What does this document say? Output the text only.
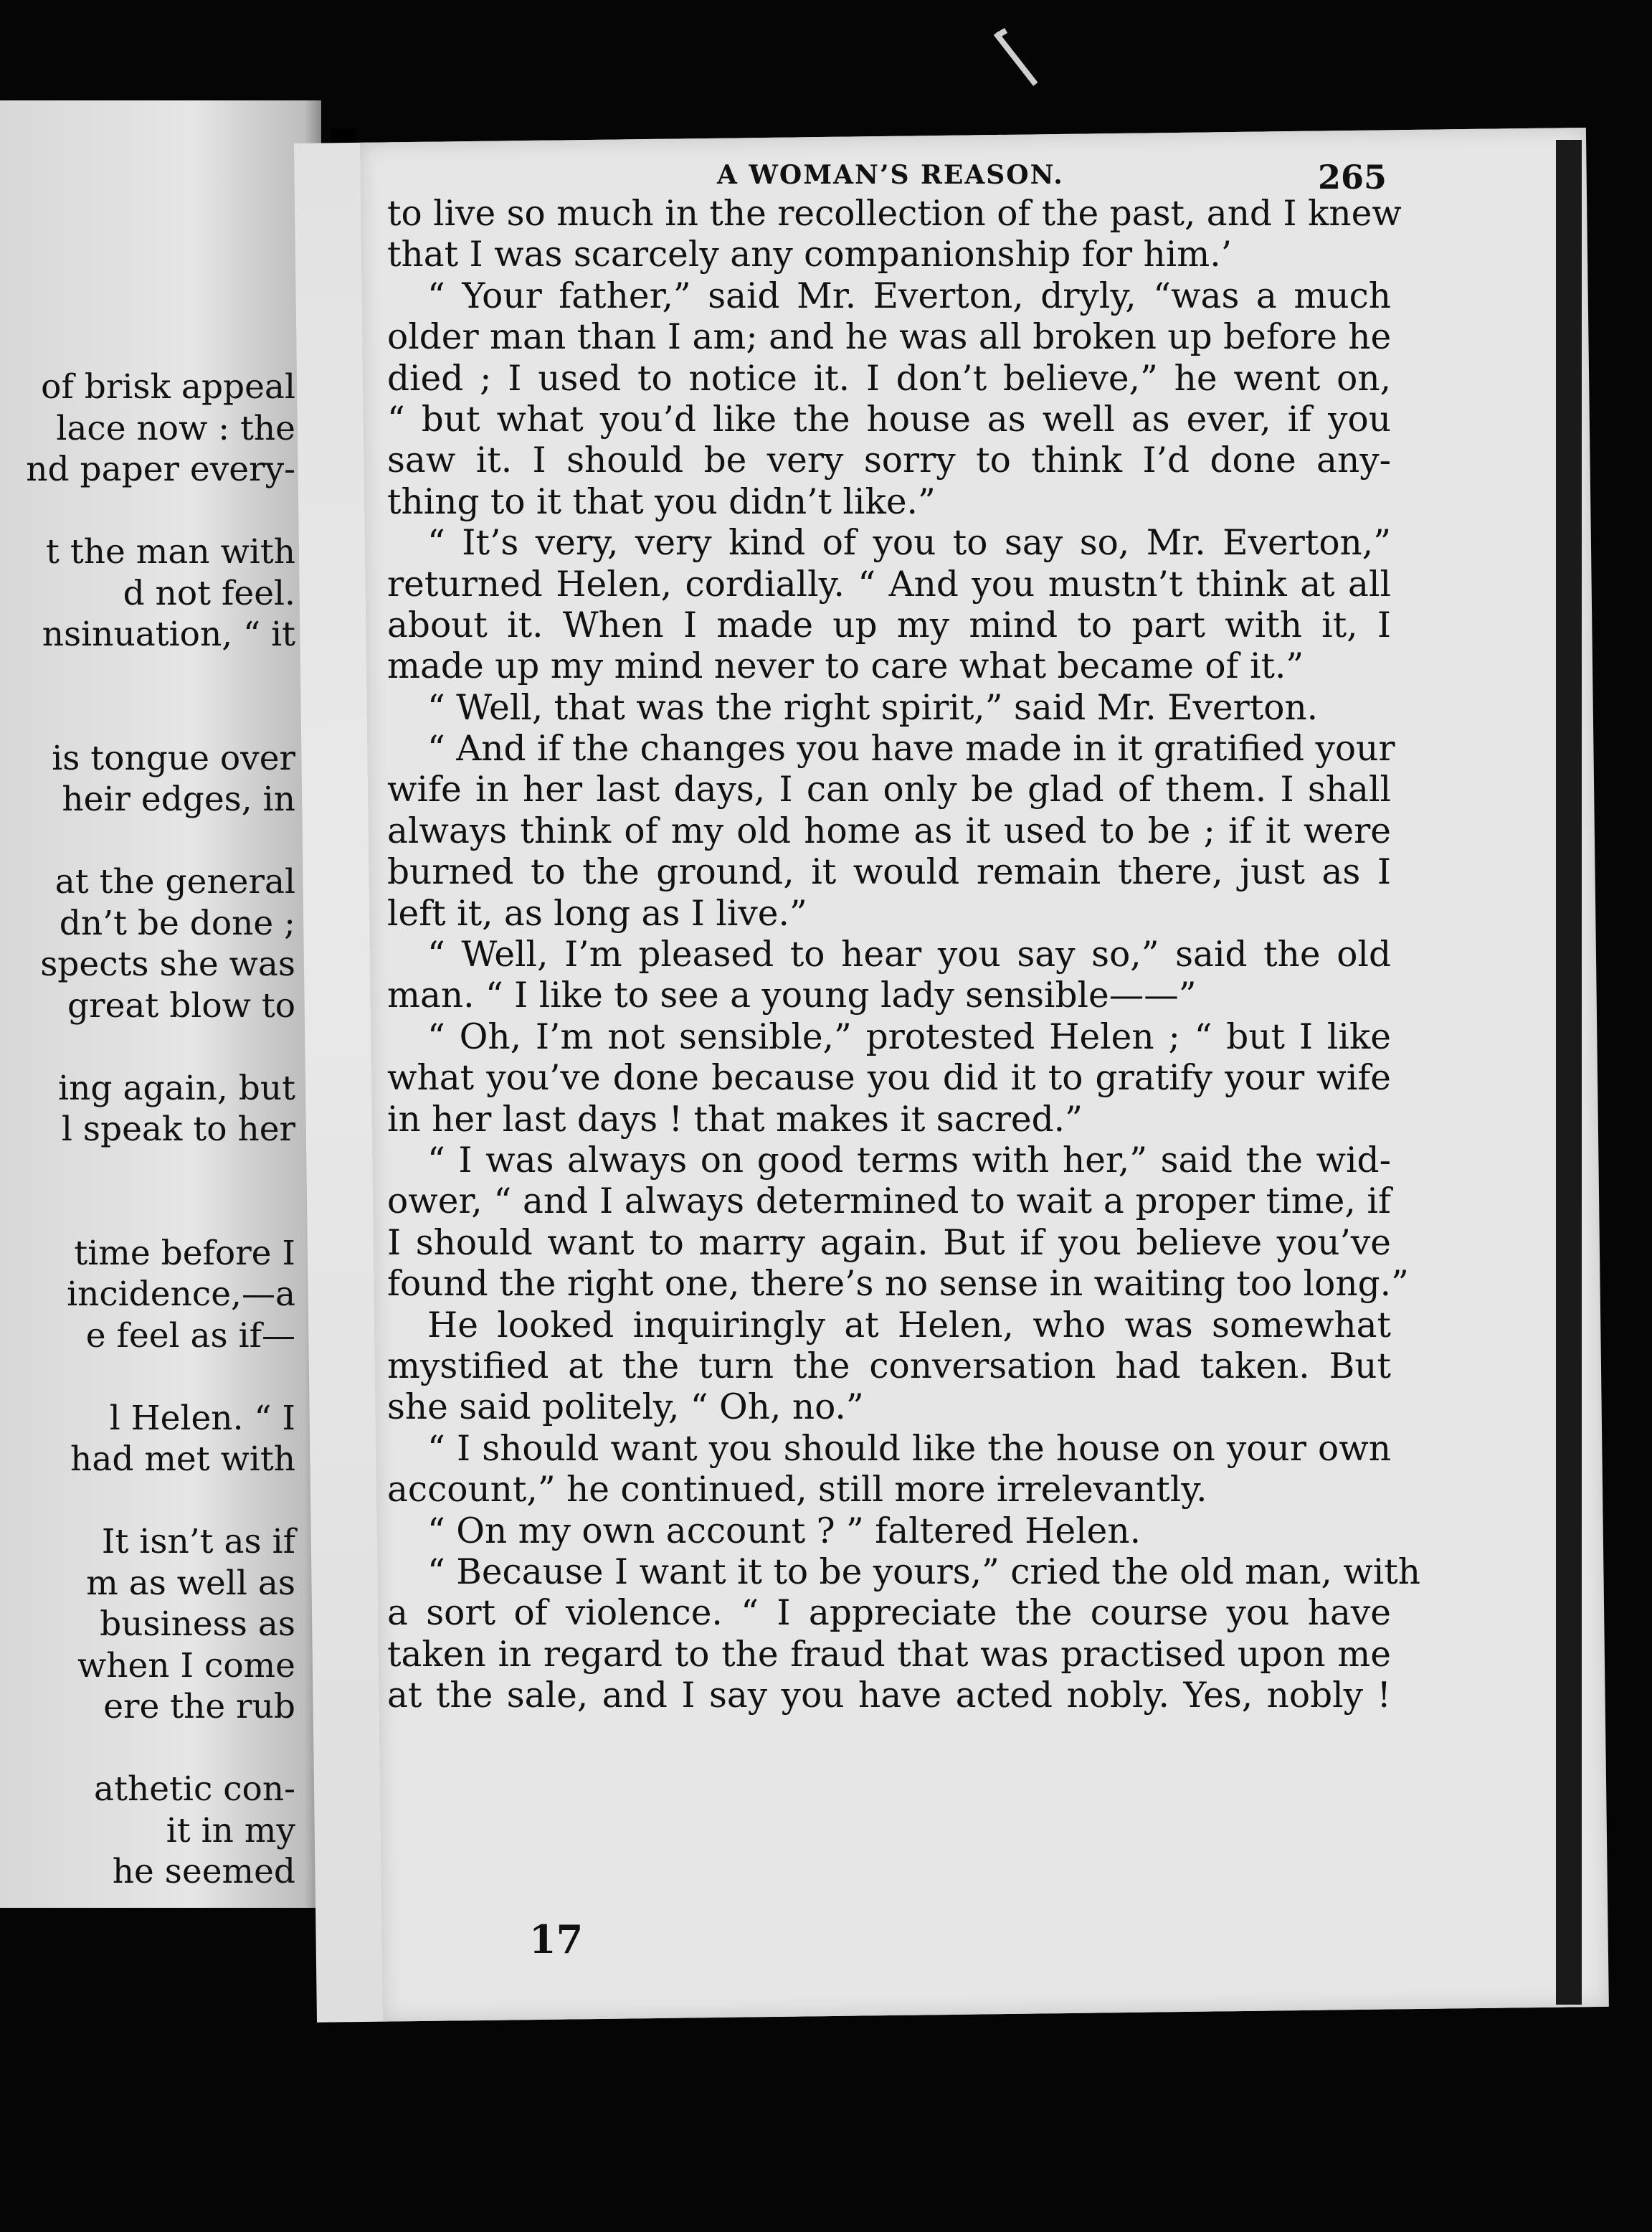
of brisk appeal
lace now : the
nd paper every-
t the man with
d not feel.
nsinuation, “ it
is tongue over
heir edges, in
at the general
dn’t be done ;
spects she was
great blow to
ing again, but
l speak to her
time before I
incidence,—a
e feel as if—
l Helen. “ I
had met with
It isn’t as if
m as well as
business as
when I come
ere the rub
athetic con-
it in my
he seemed
A WOMAN’S REASON.	265
to live so much in the recollection of the past, and I knew
that I was scarcely any companionship for him.’
“ Your father,” said Mr. Everton, dryly, “was a much
older man than I am; and he was all broken up before he
died ; I used to notice it. I don’t believe,” he went on,
“ but what you’d like the house as well as ever, if you
saw it. I should be very sorry to think I’d done any-
thing to it that you didn’t like.”
“ It’s very, very kind of you to say so, Mr. Everton,”
returned Helen, cordially. “ And you mustn’t think at all
about it. When I made up my mind to part with it, I
made up my mind never to care what became of it.”
“ Well, that was the right spirit,” said Mr. Everton.
“ And if the changes you have made in it gratified your
wife in her last days, I can only be glad of them. I shall
always think of my old home as it used to be ; if it were
burned to the ground, it would remain there, just as I
left it, as long as I live.”
“ Well, I’m pleased to hear you say so,” said the old
man. “ I like to see a young lady sensible——”
“ Oh, I’m not sensible,” protested Helen ; “ but I like
what you’ve done because you did it to gratify your wife
in her last days ! that makes it sacred.”
“ I was always on good terms with her,” said the wid-
ower, “ and I always determined to wait a proper time, if
I should want to marry again. But if you believe you’ve
found the right one, there’s no sense in waiting too long.”
He looked inquiringly at Helen, who was somewhat
mystified at the turn the conversation had taken. But
she said politely, “ Oh, no.”
“ I should want you should like the house on your own
account,” he continued, still more irrelevantly.
“ On my own account ? ” faltered Helen.
“ Because I want it to be yours,” cried the old man, with
a sort of violence. “ I appreciate the course you have
taken in regard to the fraud that was practised upon me
at the sale, and I say you have acted nobly. Yes, nobly !
17
